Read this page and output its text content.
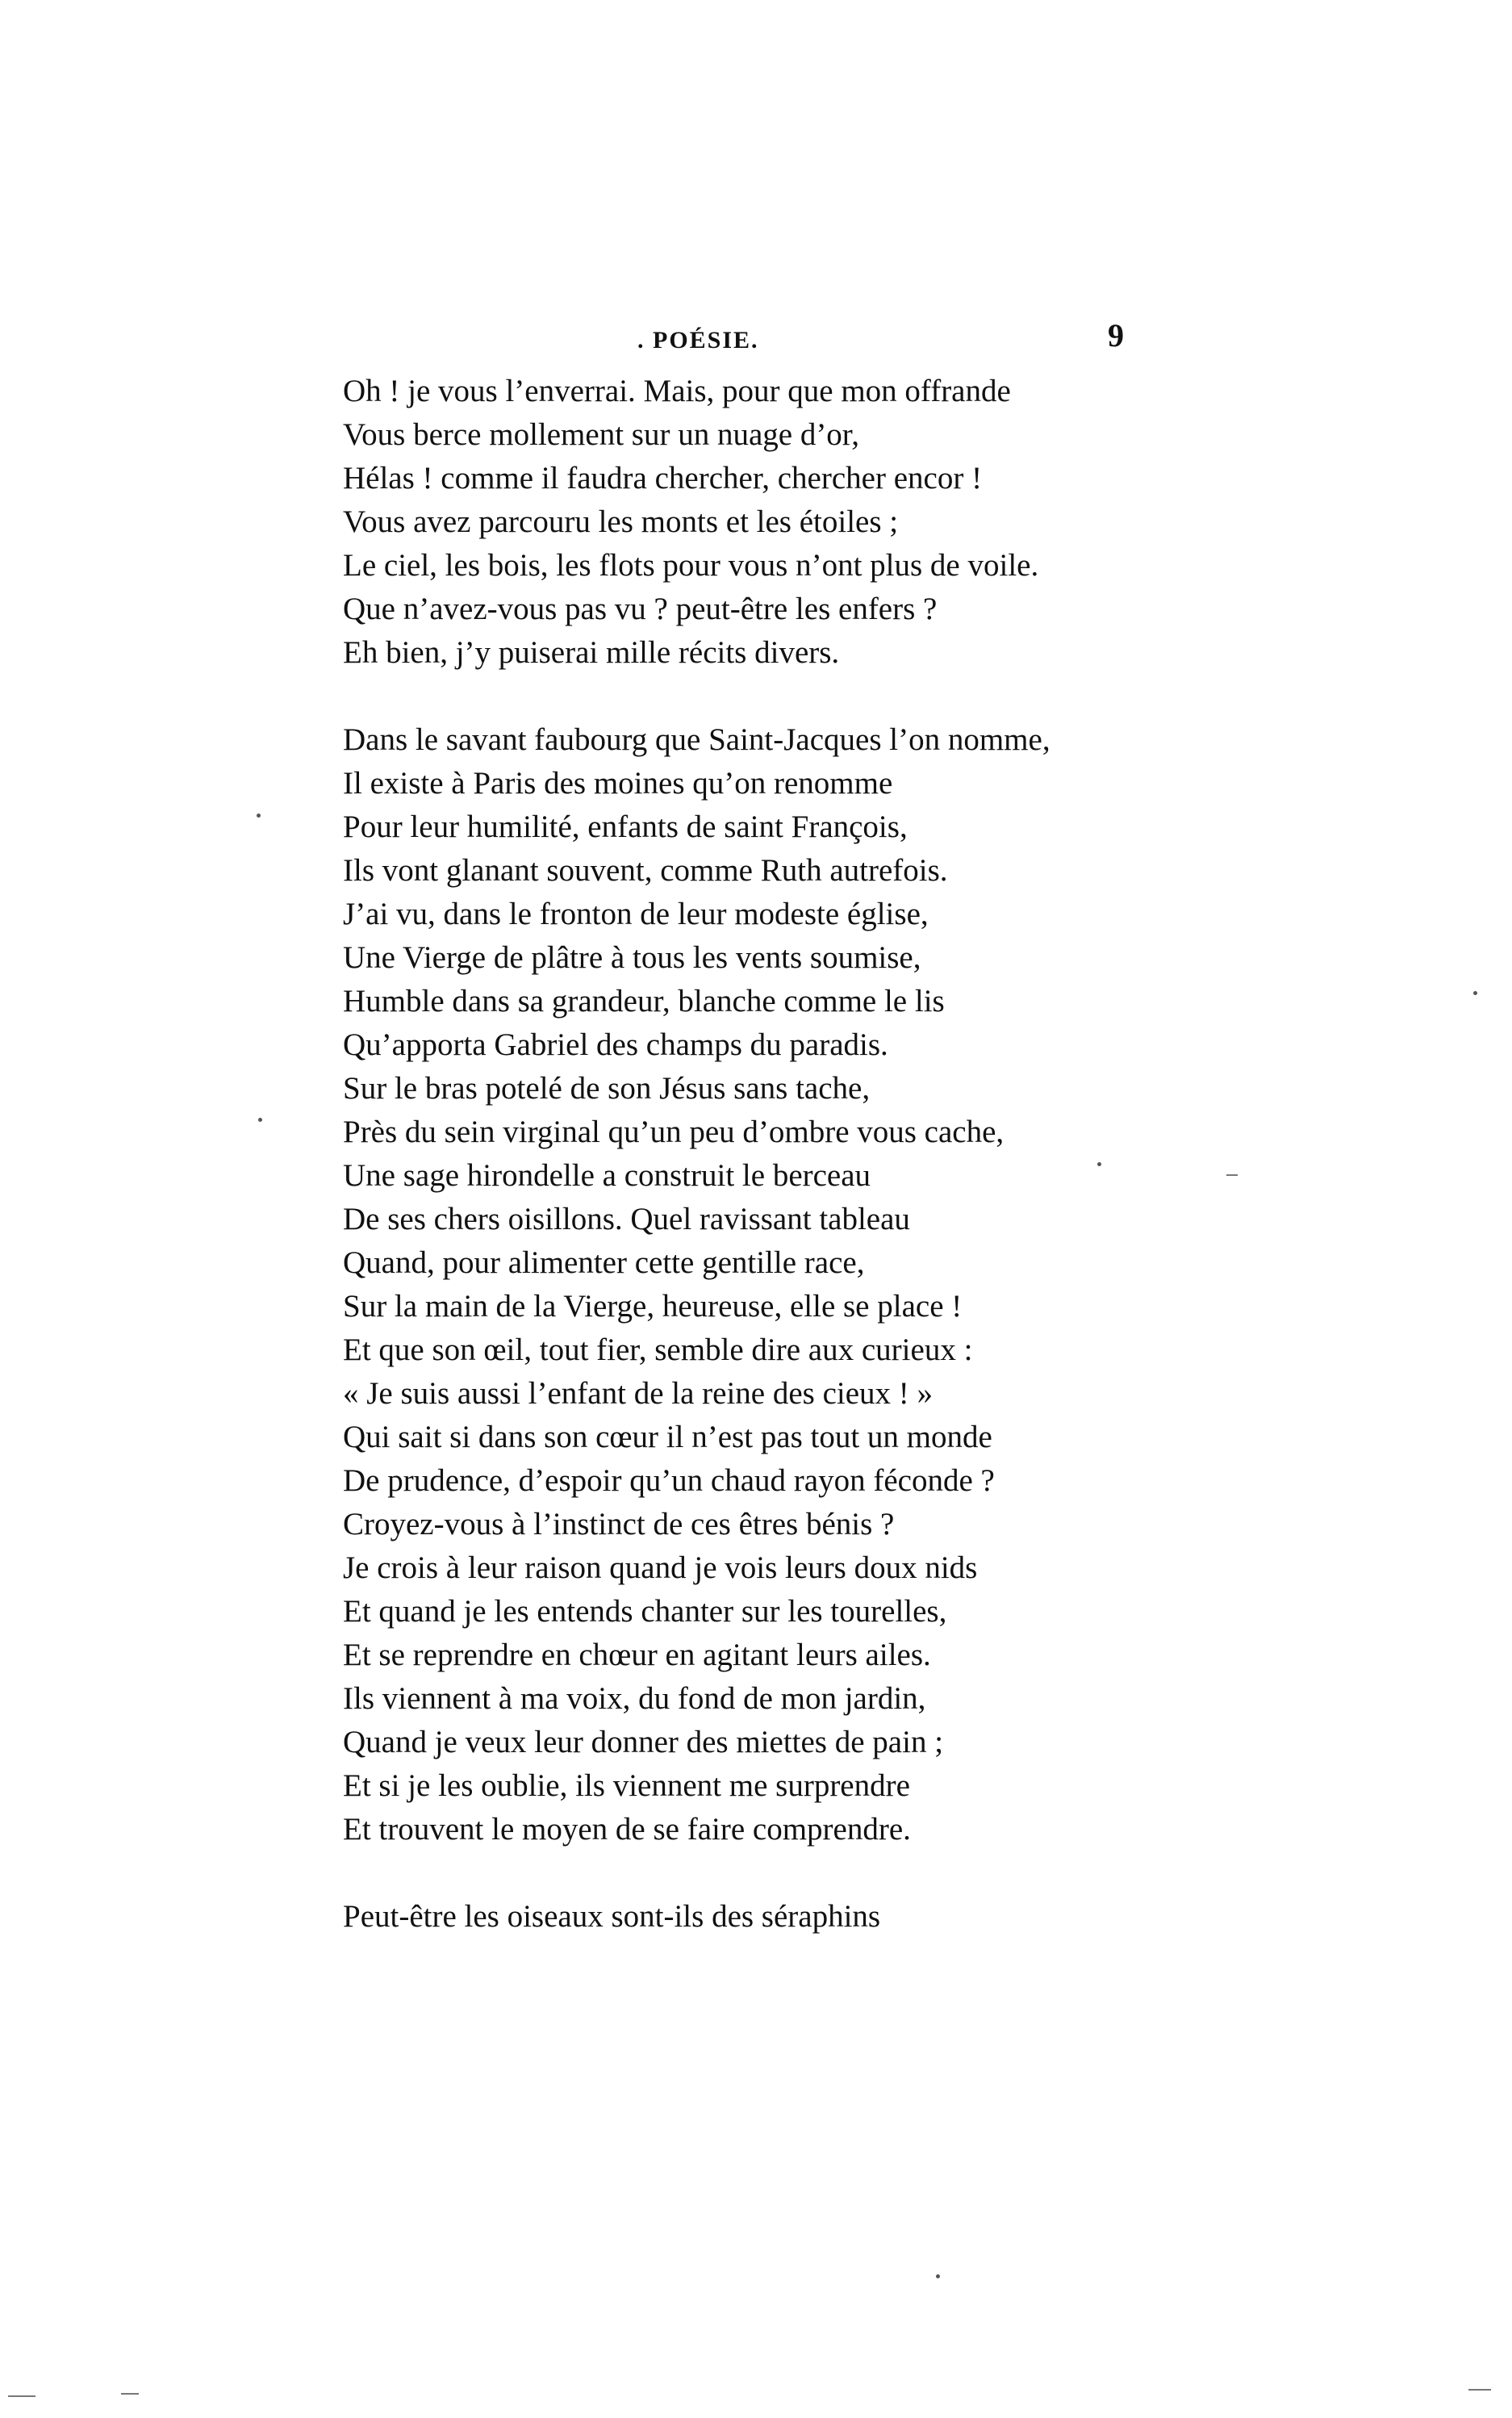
. POÉSIE.	9
Oh ! je vous l’enverrai. Mais, pour que mon offrande
Vous berce mollement sur un nuage d’or,
Hélas ! comme il faudra chercher, chercher encor !
Vous avez parcouru les monts et les étoiles ;
Le ciel, les bois, les flots pour vous n’ont plus de voile.
Que n’avez-vous pas vu ? peut-être les enfers ?
Eh bien, j’y puiserai mille récits divers.
Dans le savant faubourg que Saint-Jacques l’on nomme,
Il existe à Paris des moines qu’on renomme
Pour leur humilité, enfants de saint François,
Ils vont glanant souvent, comme Ruth autrefois.
J’ai vu, dans le fronton de leur modeste église,
Une Vierge de plâtre à tous les vents soumise,
Humble dans sa grandeur, blanche comme le lis
Qu’apporta Gabriel des champs du paradis.
Sur le bras potelé de son Jésus sans tache,
Près du sein virginal qu’un peu d’ombre vous cache,
Une sage hirondelle a construit le berceau
De ses chers oisillons. Quel ravissant tableau
Quand, pour alimenter cette gentille race,
Sur la main de la Vierge, heureuse, elle se place !
Et que son œil, tout fier, semble dire aux curieux :
« Je suis aussi l’enfant de la reine des cieux ! »
Qui sait si dans son cœur il n’est pas tout un monde
De prudence, d’espoir qu’un chaud rayon féconde ?
Croyez-vous à l’instinct de ces êtres bénis ?
Je crois à leur raison quand je vois leurs doux nids
Et quand je les entends chanter sur les tourelles,
Et se reprendre en chœur en agitant leurs ailes.
Ils viennent à ma voix, du fond de mon jardin,
Quand je veux leur donner des miettes de pain ;
Et si je les oublie, ils viennent me surprendre
Et trouvent le moyen de se faire comprendre.
Peut-être les oiseaux sont-ils des séraphins
